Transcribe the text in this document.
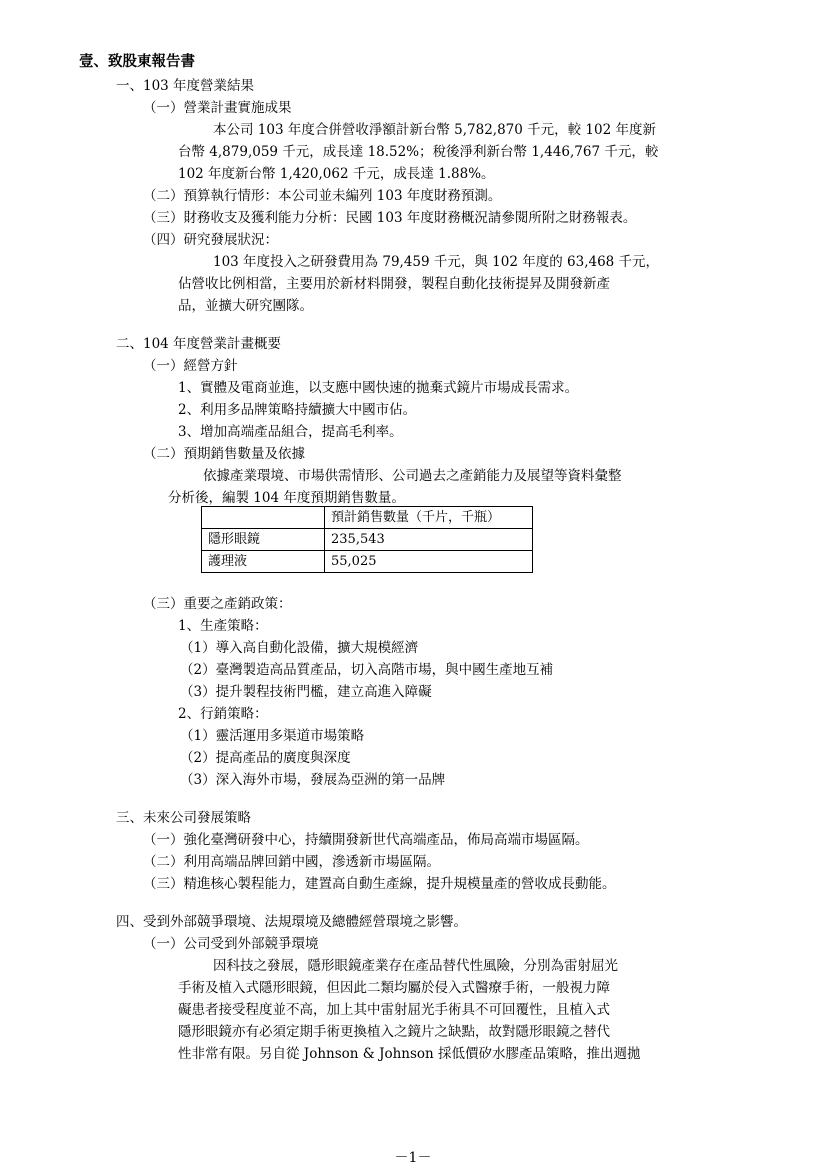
壹、致股東報告書

一、103 年度營業結果

（一）營業計畫實施成果

本公司 103 年度合併營收淨額計新台幣 5,782,870 千元，較 102 年度新

台幣 4,879,059 千元，成長達 18.52%；稅後淨利新台幣 1,446,767 千元，較

102 年度新台幣 1,420,062 千元，成長達 1.88%。

（二）預算執行情形：本公司並未編列 103 年度財務預測。

（三）財務收支及獲利能力分析：民國 103 年度財務概況請參閱所附之財務報表。

（四）研究發展狀況：

103 年度投入之研發費用為 79,459 千元，與 102 年度的 63,468 千元，

佔營收比例相當，主要用於新材料開發，製程自動化技術提昇及開發新產

品，並擴大研究團隊。

二、104 年度營業計畫概要

（一）經營方針

1、實體及電商並進，以支應中國快速的拋棄式鏡片市場成長需求。

2、利用多品牌策略持續擴大中國市佔。

3、增加高端產品組合，提高毛利率。

（二）預期銷售數量及依據

依據產業環境、市場供需情形、公司過去之產銷能力及展望等資料彙整

分析後，編製 104 年度預期銷售數量。

	預計銷售數量（千片，千瓶）
隱形眼鏡	235,543
護理液	55,025

（三）重要之產銷政策：

1、生產策略：

（1）導入高自動化設備，擴大規模經濟

（2）臺灣製造高品質產品，切入高階市場，與中國生產地互補

（3）提升製程技術門檻，建立高進入障礙

2、行銷策略：

（1）靈活運用多渠道市場策略

（2）提高產品的廣度與深度

（3）深入海外市場，發展為亞洲的第一品牌

三、未來公司發展策略

（一）強化臺灣研發中心，持續開發新世代高端產品，佈局高端市場區隔。

（二）利用高端品牌回銷中國，滲透新市場區隔。

（三）精進核心製程能力，建置高自動生產線，提升規模量產的營收成長動能。

四、受到外部競爭環境、法規環境及總體經營環境之影響。

（一）公司受到外部競爭環境

因科技之發展，隱形眼鏡產業存在產品替代性風險，分別為雷射屈光

手術及植入式隱形眼鏡，但因此二類均屬於侵入式醫療手術，一般視力障

礙患者接受程度並不高，加上其中雷射屈光手術具不可回覆性，且植入式

隱形眼鏡亦有必須定期手術更換植入之鏡片之缺點，故對隱形眼鏡之替代

性非常有限。另自從 Johnson & Johnson 採低價矽水膠產品策略，推出週拋

－1－
